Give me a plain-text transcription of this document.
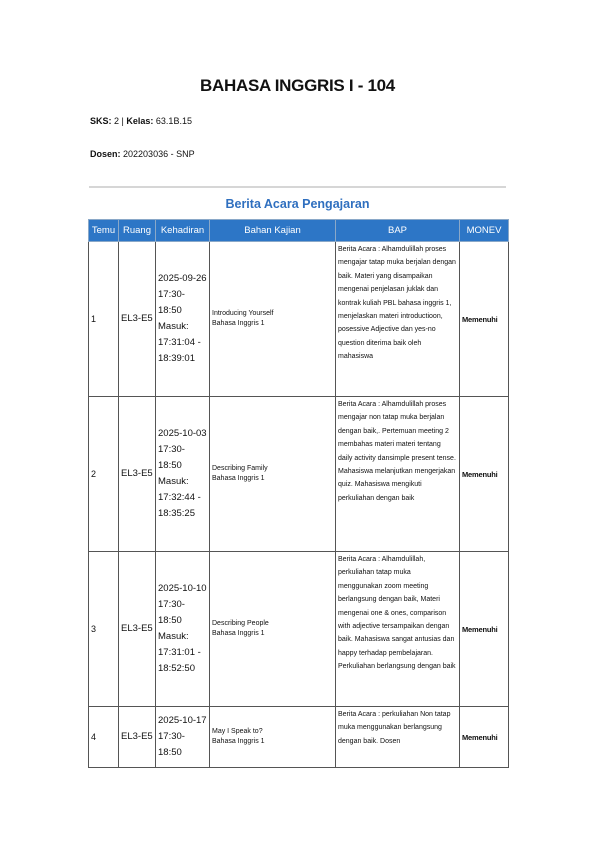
BAHASA INGGRIS I - 104
SKS: 2 | Kelas: 63.1B.15
Dosen: 202203036 - SNP
Berita Acara Pengajaran
Temu	Ruang	Kehadiran	Bahan Kajian	BAP	MONEV
1	EL3-E5	2025-09-26 17:30-18:50 Masuk: 17:31:04 - 18:39:01	Introducing Yourself
Bahasa Inggris 1	Berita Acara : Alhamdulillah proses mengajar tatap muka berjalan dengan baik. Materi yang disampaikan mengenai penjelasan juklak dan kontrak kuliah PBL bahasa inggris 1, menjelaskan materi introductioon, posessive Adjective dan yes-no question diterima baik oleh mahasiswa	Memenuhi
2	EL3-E5	2025-10-03 17:30-18:50 Masuk: 17:32:44 - 18:35:25	Describing Family
Bahasa Inggris 1	Berita Acara : Alhamdulillah proses mengajar non tatap muka berjalan dengan baik,. Pertemuan meeting 2 membahas materi materi tentang daily activity dansimple present tense. Mahasiswa melanjutkan mengerjakan quiz. Mahasiswa mengikuti perkuliahan dengan baik	Memenuhi
3	EL3-E5	2025-10-10 17:30-18:50 Masuk: 17:31:01 - 18:52:50	Describing People
Bahasa Inggris 1	Berita Acara : Alhamdulillah, perkuliahan tatap muka menggunakan zoom meeting berlangsung dengan baik, Materi mengenai one & ones, comparison with adjective tersampaikan dengan baik. Mahasiswa sangat antusias dan happy terhadap pembelajaran. Perkuliahan berlangsung dengan baik	Memenuhi
4	EL3-E5	2025-10-17 17:30-18:50	May I Speak to?
Bahasa Inggris 1	Berita Acara : perkuliahan Non tatap muka menggunakan berlangsung dengan baik. Dosen	Memenuhi
